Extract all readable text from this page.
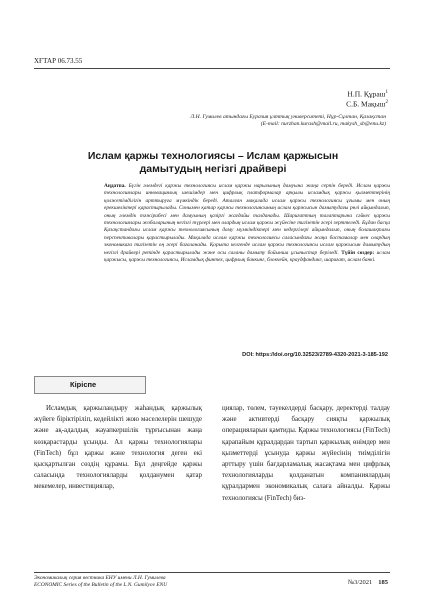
ХҒТАР 06.73.55
Н.П. Құраш$^1$
С.Б. Мақыш$^2$
Л.Н. Гумилев атындағы Еуразия ұлттық университеті, Нұр-Сұлтан, Қазақстан
(E-mail: nurzhan.kurash@mail.ru, makysh_sb@enu.kz)
Ислам қаржы технологиясы – Ислам қаржысын
дамытудың негізгі драйвері
Аңдатпа. Бүгін әлемдегі қаржы технологиясы ислам қаржы нарығының дамуына жаңа серпін береді. Ислам қаржы технологиялары инновациялық шешімдер мен цифрлық платформалар арқылы исламдық қаржы қызметтерінің қолжетімділігін арттыруға мүмкіндік береді. Аталған мақалада ислам қаржы технологиясы ұғымы мен оның ерекшеліктері қарастырылады. Сонымен қатар қаржы технологиясының ислам қаржысын дамытудағы рөлі айқындалып, оның әлемдік тәжірибесі мен дамуының қазіргі жағдайы талданады. Шариғаттың талаптарына сәйкес қаржы технологиялары жобаларының негізгі түрлері мен олардың ислам қаржы жүйесіне тигізетін әсері зерттеледі. Бұдан басқа Қазақстандағы ислам қаржы технологиясының даму мүмкіндіктері мен кедергілері айқындалып, оның болашақтағы перспективалары қарастырылады. Мақалада ислам қаржы технологиясы саласындағы жаңа бастамалар мен олардың экономикаға тигізетін оң әсері бағаланады. Қорыта келгенде ислам қаржы технологиясы ислам қаржысын дамытудың негізгі драйвері ретінде қарастырылады және осы саланы дамыту бойынша ұсыныстар беріледі. Түйін сөздер: ислам қаржысы, қаржы технологиясы, Исламдық финтех, цифрлық банкинг, блокчейн, краудфандинг, шариғат, ислам банкі.
DOI: https://doi.org/10.32523/2789-4320-2021-3-185-192
Кіріспе

Исламдық қаржыландыру жаһандық қаржылық жүйеге біріктіріліп, кедейлікті жою мәселелерін шешуде және ақ-адалдық жауапкершілік тұрғысынан жаңа көзқарастарды ұсынды. Ал қаржы технологиялары (FinTech) бұл қаржы және технология деген екі қысқартылған сөздің құрамы. Бұл деңгейде қаржы саласында технологияларды қолданумен қатар мекемелер, инвестициялар,

циялар, төлем, тәуекелдерді басқару, деректерді талдау және активтерді басқару сияқты қаржылық операцияларын қамтиды. Қаржы технологиясы (FinTech) қарапайым құралдардан тартып қаржылық өнімдер мен қызметтерді ұсынуда қаржы жүйесінің тиімділігін арттыру үшін бағдарламалық жасақтама мен цифрлық технологияларды қолданатын компаниялардың құралдармен экономикалық салаға айналды. Қаржы технологиясы (FinTech) биз-

Экономикалық серия вестника ЕНУ имени Л.Н. Гумилева
ECONOMIC Series of the Bulletin of the L.N. Gumilyov ENU	№3/2021 185
